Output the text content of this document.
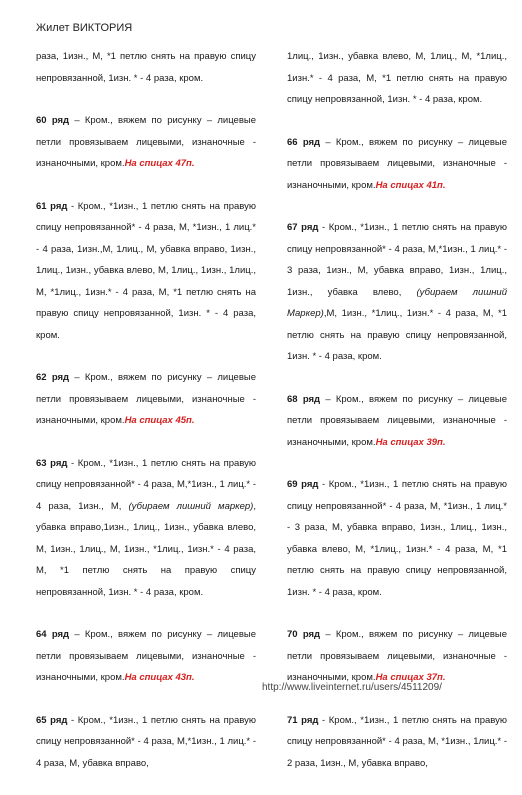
Жилет ВИКТОРИЯ

раза, 1изн., М, *1 петлю снять на правую спицу непровязанной, 1изн. * - 4 раза, кром.

60 ряд – Кром., вяжем по рисунку – лицевые петли провязываем лицевыми, изнаночные - изнаночными, кром.На спицах 47п.

61 ряд - Кром., *1изн., 1 петлю снять на правую спицу непровязанной* - 4 раза, М, *1изн., 1 лиц.* - 4 раза, 1изн.,М, 1лиц., М, убавка вправо, 1изн., 1лиц., 1изн., убавка влево, М, 1лиц., 1изн., 1лиц., М, *1лиц., 1изн.* - 4 раза, М, *1 петлю снять на правую спицу непровязанной, 1изн. * - 4 раза, кром.

62 ряд – Кром., вяжем по рисунку – лицевые петли провязываем лицевыми, изнаночные - изнаночными, кром.На спицах 45п.

63 ряд - Кром., *1изн., 1 петлю снять на правую спицу непровязанной* - 4 раза, М,*1изн., 1 лиц.* - 4 раза, 1изн., М, (убираем лишний маркер), убавка вправо,1изн., 1лиц., 1изн., убавка влево, М, 1изн., 1лиц., М, 1изн., *1лиц., 1изн.* - 4 раза, М, *1 петлю снять на правую спицу непровязанной, 1изн. * - 4 раза, кром.

64 ряд – Кром., вяжем по рисунку – лицевые петли провязываем лицевыми, изнаночные - изнаночными, кром.На спицах 43п.

65 ряд - Кром., *1изн., 1 петлю снять на правую спицу непровязанной* - 4 раза, М,*1изн., 1 лиц.* - 4 раза, М, убавка вправо,

1лиц., 1изн., убавка влево, М, 1лиц., М, *1лиц., 1изн.* - 4 раза, М, *1 петлю снять на правую спицу непровязанной, 1изн. * - 4 раза, кром.

66 ряд – Кром., вяжем по рисунку – лицевые петли провязываем лицевыми, изнаночные - изнаночными, кром.На спицах 41п.

67 ряд - Кром., *1изн., 1 петлю снять на правую спицу непровязанной* - 4 раза, М,*1изн., 1 лиц.* - 3 раза, 1изн., М, убавка вправо, 1изн., 1лиц., 1изн., убавка влево, (убираем лишний Маркер),М, 1изн., *1лиц., 1изн.* - 4 раза, М, *1 петлю снять на правую спицу непровязанной, 1изн. * - 4 раза, кром.

68 ряд – Кром., вяжем по рисунку – лицевые петли провязываем лицевыми, изнаночные - изнаночными, кром.На спицах 39п.

69 ряд - Кром., *1изн., 1 петлю снять на правую спицу непровязанной* - 4 раза, М, *1изн., 1 лиц.* - 3 раза, М, убавка вправо, 1изн., 1лиц., 1изн., убавка влево, М, *1лиц., 1изн.* - 4 раза, М, *1 петлю снять на правую спицу непровязанной, 1изн. * - 4 раза, кром.

70 ряд – Кром., вяжем по рисунку – лицевые петли провязываем лицевыми, изнаночные - изнаночными, кром.На спицах 37п.

71 ряд - Кром., *1изн., 1 петлю снять на правую спицу непровязанной* - 4 раза, М, *1изн., 1лиц.* - 2 раза, 1изн., М, убавка вправо,

http://www.liveinternet.ru/users/4511209/
